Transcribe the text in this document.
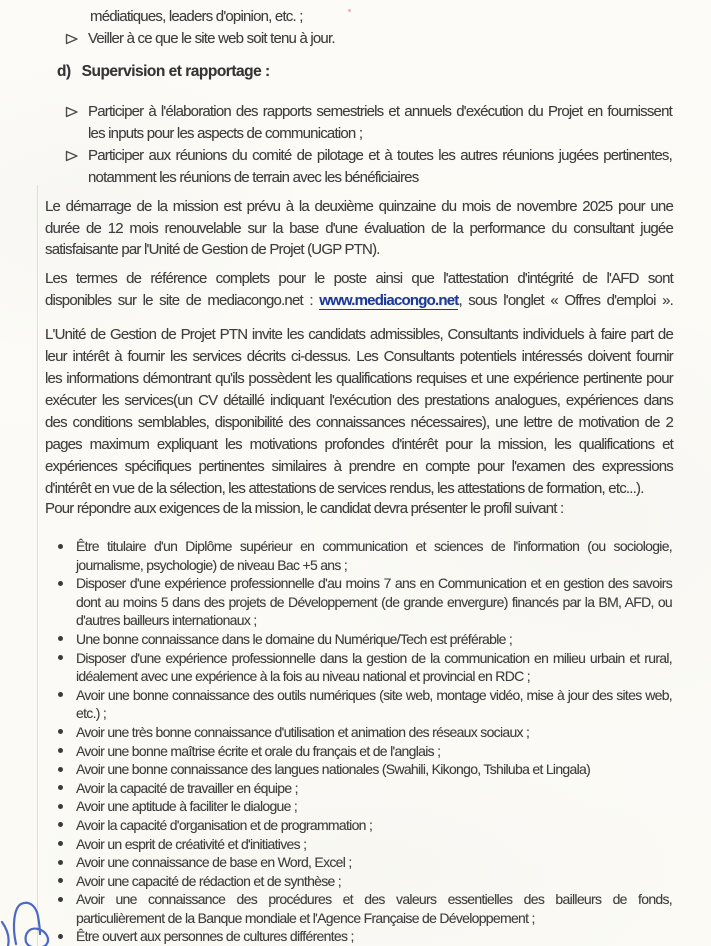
médiatiques, leaders d'opinion, etc. ;
Veiller à ce que le site web soit tenu à jour.
d) Supervision et rapportage :
Participer à l'élaboration des rapports semestriels et annuels d'exécution du Projet en fournissent
les inputs pour les aspects de communication ;
Participer aux réunions du comité de pilotage et à toutes les autres réunions jugées pertinentes,
notamment les réunions de terrain avec les bénéficiaires
Le démarrage de la mission est prévu à la deuxième quinzaine du mois de novembre 2025 pour une
durée de 12 mois renouvelable sur la base d'une évaluation de la performance du consultant jugée
satisfaisante par l'Unité de Gestion de Projet (UGP PTN).
Les termes de référence complets pour le poste ainsi que l'attestation d'intégrité de l'AFD sont
disponibles sur le site de mediacongo.net : www.mediacongo.net, sous l'onglet « Offres d'emploi ».
L'Unité de Gestion de Projet PTN invite les candidats admissibles, Consultants individuels à faire part de
leur intérêt à fournir les services décrits ci-dessus. Les Consultants potentiels intéressés doivent fournir
les informations démontrant qu'ils possèdent les qualifications requises et une expérience pertinente pour
exécuter les services(un CV détaillé indiquant l'exécution des prestations analogues, expériences dans
des conditions semblables, disponibilité des connaissances nécessaires), une lettre de motivation de 2
pages maximum expliquant les motivations profondes d'intérêt pour la mission, les qualifications et
expériences spécifiques pertinentes similaires à prendre en compte pour l'examen des expressions
d'intérêt en vue de la sélection, les attestations de services rendus, les attestations de formation, etc...).
Pour répondre aux exigences de la mission, le candidat devra présenter le profil suivant :
Être titulaire d'un Diplôme supérieur en communication et sciences de l'information (ou sociologie,
journalisme, psychologie) de niveau Bac +5 ans ;
Disposer d'une expérience professionnelle d'au moins 7 ans en Communication et en gestion des savoirs
dont au moins 5 dans des projets de Développement (de grande envergure) financés par la BM, AFD, ou
d'autres bailleurs internationaux ;
Une bonne connaissance dans le domaine du Numérique/Tech est préférable ;
Disposer d'une expérience professionnelle dans la gestion de la communication en milieu urbain et rural,
idéalement avec une expérience à la fois au niveau national et provincial en RDC ;
Avoir une bonne connaissance des outils numériques (site web, montage vidéo, mise à jour des sites web,
etc.) ;
Avoir une très bonne connaissance d'utilisation et animation des réseaux sociaux ;
Avoir une bonne maîtrise écrite et orale du français et de l'anglais ;
Avoir une bonne connaissance des langues nationales (Swahili, Kikongo, Tshiluba et Lingala)
Avoir la capacité de travailler en équipe ;
Avoir une aptitude à faciliter le dialogue ;
Avoir la capacité d'organisation et de programmation ;
Avoir un esprit de créativité et d'initiatives ;
Avoir une connaissance de base en Word, Excel ;
Avoir une capacité de rédaction et de synthèse ;
Avoir une connaissance des procédures et des valeurs essentielles des bailleurs de fonds,
particulièrement de la Banque mondiale et l'Agence Française de Développement ;
Être ouvert aux personnes de cultures différentes ;
